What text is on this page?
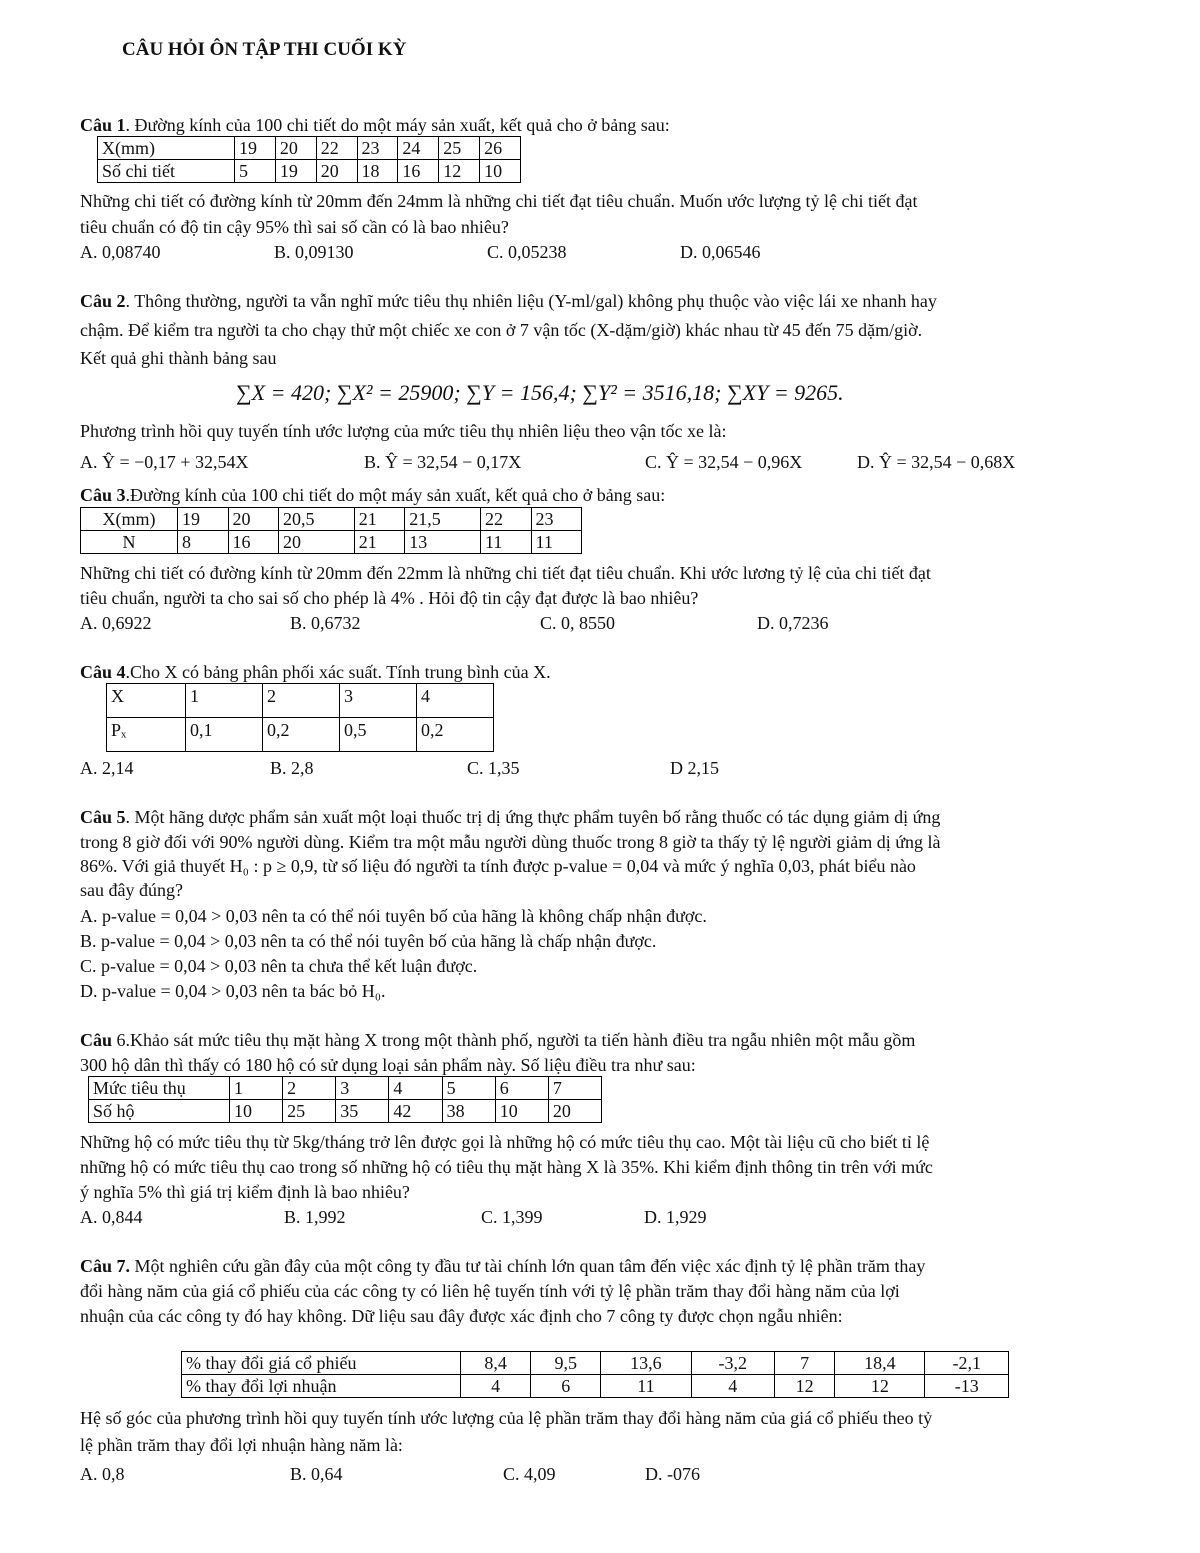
CÂU HỎI ÔN TẬP THI CUỐI KỲ
Câu 1. Đường kính của 100 chi tiết do một máy sản xuất, kết quả cho ở bảng sau:
X(mm)	19	20	22	23	24	25	26
Số chi tiết	5	19	20	18	16	12	10
Những chi tiết có đường kính từ 20mm đến 24mm là những chi tiết đạt tiêu chuẩn. Muốn ước lượng tỷ lệ chi tiết đạt
tiêu chuẩn có độ tin cậy 95% thì sai số cần có là bao nhiêu?
A. 0,08740	B. 0,09130	C. 0,05238	D. 0,06546
Câu 2. Thông thường, người ta vẫn nghĩ mức tiêu thụ nhiên liệu (Y-ml/gal) không phụ thuộc vào việc lái xe nhanh hay
chậm. Để kiểm tra người ta cho chạy thử một chiếc xe con ở 7 vận tốc (X-dặm/giờ) khác nhau từ 45 đến 75 dặm/giờ.
Kết quả ghi thành bảng sau
∑X = 420; ∑X² = 25900; ∑Y = 156,4; ∑Y² = 3516,18; ∑XY = 9265.
Phương trình hồi quy tuyến tính ước lượng của mức tiêu thụ nhiên liệu theo vận tốc xe là:
A. Ŷ = −0,17 + 32,54X	B. Ŷ = 32,54 − 0,17X	C. Ŷ = 32,54 − 0,96X	D. Ŷ = 32,54 − 0,68X
Câu 3.Đường kính của 100 chi tiết do một máy sản xuất, kết quả cho ở bảng sau:
X(mm)	19	20	20,5	21	21,5	22	23
N	8	16	20	21	13	11	11
Những chi tiết có đường kính từ 20mm đến 22mm là những chi tiết đạt tiêu chuẩn. Khi ước lương tỷ lệ của chi tiết đạt
tiêu chuẩn, người ta cho sai số cho phép là 4% . Hỏi độ tin cậy đạt được là bao nhiêu?
A. 0,6922	B. 0,6732	C. 0, 8550	D. 0,7236
Câu 4.Cho X có bảng phân phối xác suất. Tính trung bình của X.
X	1	2	3	4
Pₓ	0,1	0,2	0,5	0,2
A. 2,14	B. 2,8	C. 1,35	D 2,15
Câu 5. Một hãng dược phẩm sản xuất một loại thuốc trị dị ứng thực phẩm tuyên bố rằng thuốc có tác dụng giảm dị ứng
trong 8 giờ đối với 90% người dùng. Kiểm tra một mẫu người dùng thuốc trong 8 giờ ta thấy tỷ lệ người giảm dị ứng là
86%. Với giả thuyết H₀ : p ≥ 0,9, từ số liệu đó người ta tính được p-value = 0,04 và mức ý nghĩa 0,03, phát biểu nào
sau đây đúng?
A. p-value = 0,04 > 0,03 nên ta có thể nói tuyên bố của hãng là không chấp nhận được.
B. p-value = 0,04 > 0,03 nên ta có thể nói tuyên bố của hãng là chấp nhận được.
C. p-value = 0,04 > 0,03 nên ta chưa thể kết luận được.
D. p-value = 0,04 > 0,03 nên ta bác bỏ H₀.
Câu 6.Khảo sát mức tiêu thụ mặt hàng X trong một thành phố, người ta tiến hành điều tra ngẫu nhiên một mẫu gồm
300 hộ dân thì thấy có 180 hộ có sử dụng loại sản phẩm này. Số liệu điều tra như sau:
Mức tiêu thụ	1	2	3	4	5	6	7
Số hộ	10	25	35	42	38	10	20
Những hộ có mức tiêu thụ từ 5kg/tháng trở lên được gọi là những hộ có mức tiêu thụ cao. Một tài liệu cũ cho biết tỉ lệ
những hộ có mức tiêu thụ cao trong số những hộ có tiêu thụ mặt hàng X là 35%. Khi kiểm định thông tin trên với mức
ý nghĩa 5% thì giá trị kiểm định là bao nhiêu?
A. 0,844	B. 1,992	C. 1,399	D. 1,929
Câu 7. Một nghiên cứu gần đây của một công ty đầu tư tài chính lớn quan tâm đến việc xác định tỷ lệ phần trăm thay
đổi hàng năm của giá cổ phiếu của các công ty có liên hệ tuyến tính với tỷ lệ phần trăm thay đổi hàng năm của lợi
nhuận của các công ty đó hay không. Dữ liệu sau đây được xác định cho 7 công ty được chọn ngẫu nhiên:
% thay đổi giá cổ phiếu	8,4	9,5	13,6	-3,2	7	18,4	-2,1
% thay đổi lợi nhuận	4	6	11	4	12	12	-13
Hệ số góc của phương trình hồi quy tuyến tính ước lượng của lệ phần trăm thay đổi hàng năm của giá cổ phiếu theo tỷ
lệ phần trăm thay đổi lợi nhuận hàng năm là:
A. 0,8	B. 0,64	C. 4,09	D. -076
